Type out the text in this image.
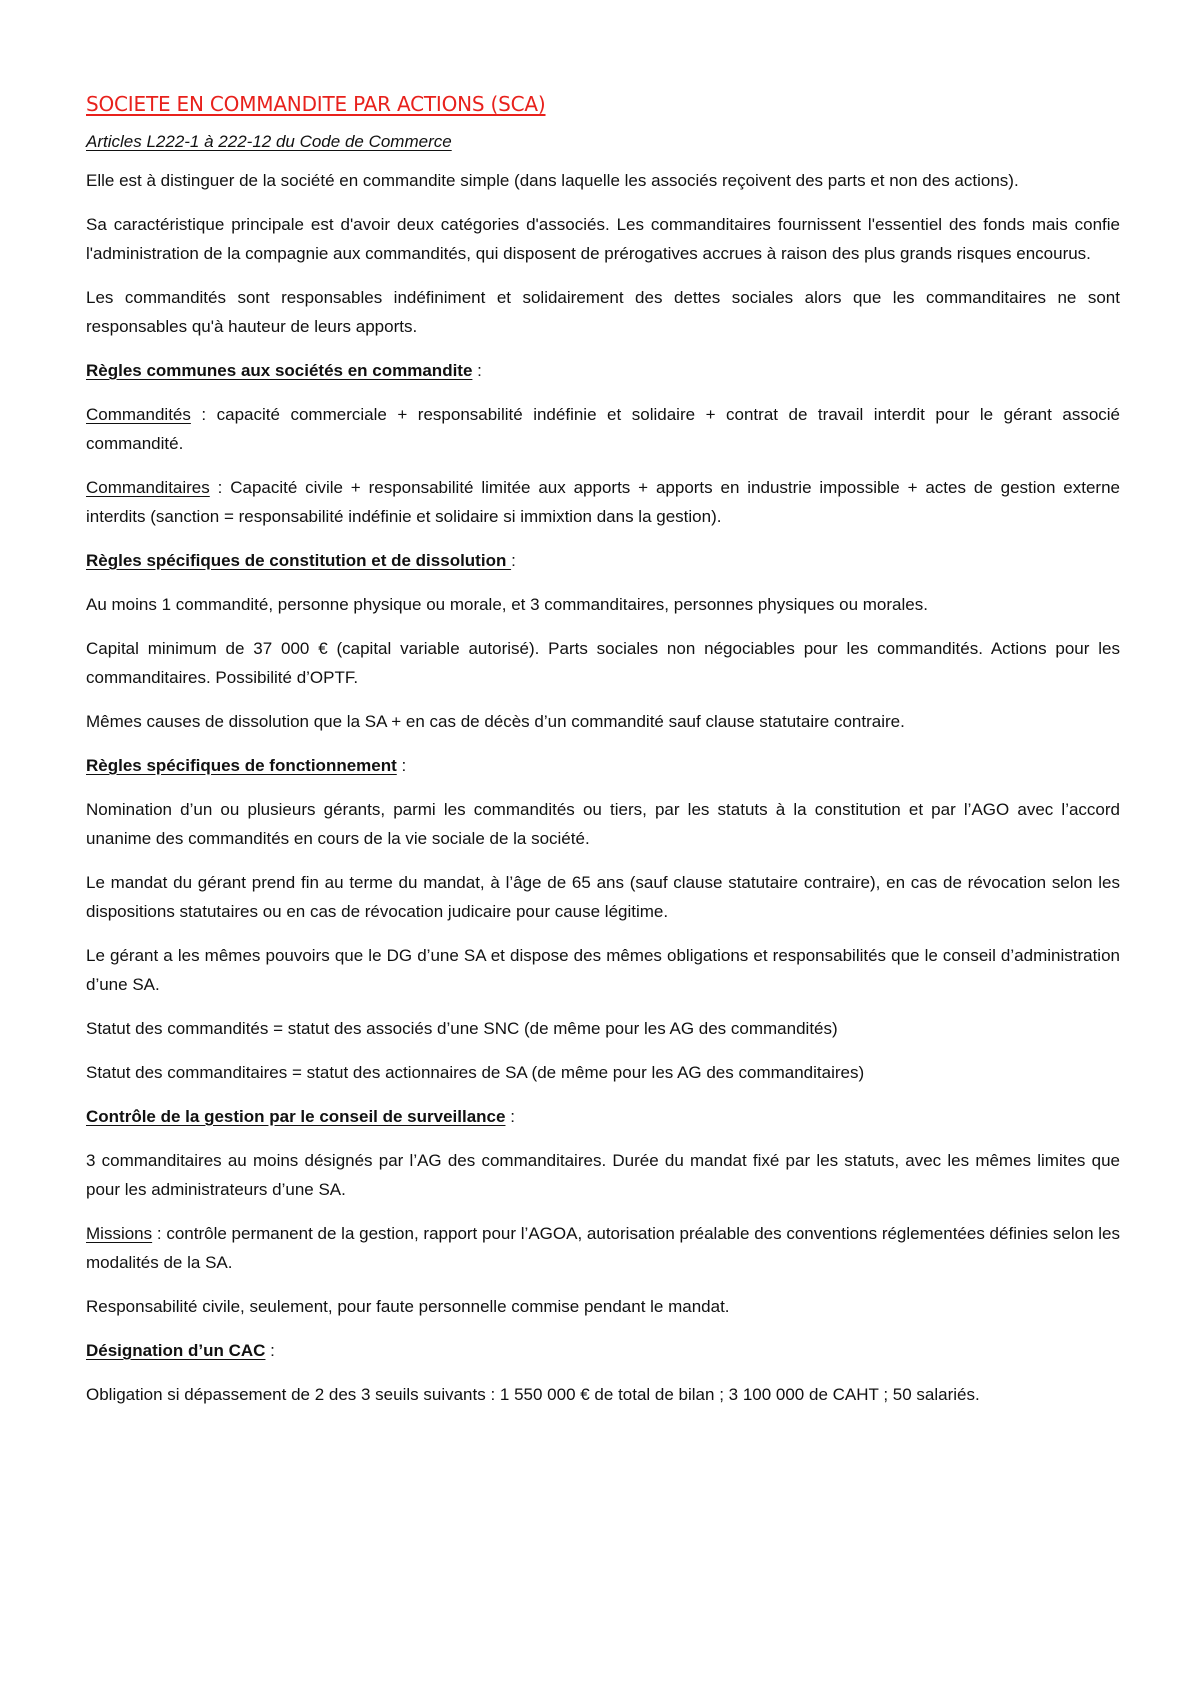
SOCIETE EN COMMANDITE PAR ACTIONS (SCA)
Articles L222-1 à 222-12 du Code de Commerce

Elle est à distinguer de la société en commandite simple (dans laquelle les associés reçoivent des parts et non des actions).

Sa caractéristique principale est d'avoir deux catégories d'associés. Les commanditaires fournissent l'essentiel des fonds mais confie l'administration de la compagnie aux commandités, qui disposent de prérogatives accrues à raison des plus grands risques encourus.

Les commandités sont responsables indéfiniment et solidairement des dettes sociales alors que les commanditaires ne sont responsables qu'à hauteur de leurs apports.

Règles communes aux sociétés en commandite :

Commandités : capacité commerciale + responsabilité indéfinie et solidaire + contrat de travail interdit pour le gérant associé commandité.

Commanditaires : Capacité civile + responsabilité limitée aux apports + apports en industrie impossible + actes de gestion externe interdits (sanction = responsabilité indéfinie et solidaire si immixtion dans la gestion).

Règles spécifiques de constitution et de dissolution :

Au moins 1 commandité, personne physique ou morale, et 3 commanditaires, personnes physiques ou morales.

Capital minimum de 37 000 € (capital variable autorisé). Parts sociales non négociables pour les commandités. Actions pour les commanditaires. Possibilité d’OPTF.

Mêmes causes de dissolution que la SA + en cas de décès d’un commandité sauf clause statutaire contraire.

Règles spécifiques de fonctionnement :

Nomination d’un ou plusieurs gérants, parmi les commandités ou tiers, par les statuts à la constitution et par l’AGO avec l’accord unanime des commandités en cours de la vie sociale de la société.

Le mandat du gérant prend fin au terme du mandat, à l’âge de 65 ans (sauf clause statutaire contraire), en cas de révocation selon les dispositions statutaires ou en cas de révocation judicaire pour cause légitime.

Le gérant a les mêmes pouvoirs que le DG d’une SA et dispose des mêmes obligations et responsabilités que le conseil d’administration d’une SA.

Statut des commandités = statut des associés d’une SNC (de même pour les AG des commandités)

Statut des commanditaires = statut des actionnaires de SA (de même pour les AG des commanditaires)

Contrôle de la gestion par le conseil de surveillance :

3 commanditaires au moins désignés par l’AG des commanditaires. Durée du mandat fixé par les statuts, avec les mêmes limites que pour les administrateurs d’une SA.

Missions : contrôle permanent de la gestion, rapport pour l’AGOA, autorisation préalable des conventions réglementées définies selon les modalités de la SA.

Responsabilité civile, seulement, pour faute personnelle commise pendant le mandat.

Désignation d’un CAC :

Obligation si dépassement de 2 des 3 seuils suivants : 1 550 000 € de total de bilan ; 3 100 000 de CAHT ; 50 salariés.
